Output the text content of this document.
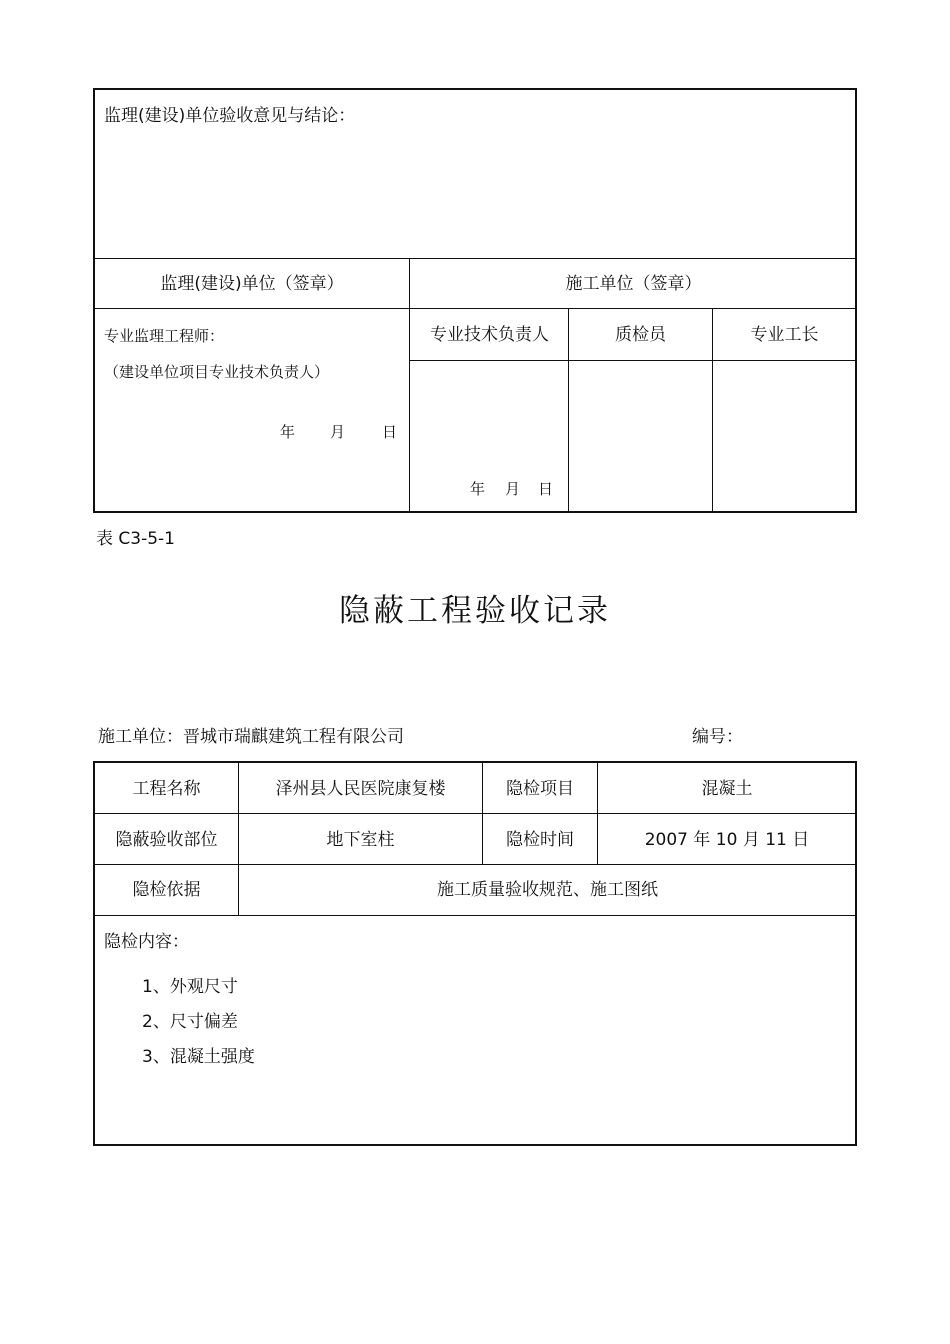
监理(建设)单位验收意见与结论：
监理(建设)单位（签章）	施工单位（签章）
专业监理工程师：
（建设单位项目专业技术负责人）
年 月 日
专业技术负责人	质检员	专业工长
年 月 日
表 C3-5-1
隐蔽工程验收记录
施工单位： 晋城市瑞麒建筑工程有限公司	编号：
工程名称	泽州县人民医院康复楼	隐检项目	混凝土
隐蔽验收部位	地下室柱	隐检时间	2007 年 10 月 11 日
隐检依据	施工质量验收规范、施工图纸
隐检内容：
1、外观尺寸
2、尺寸偏差
3、混凝土强度
